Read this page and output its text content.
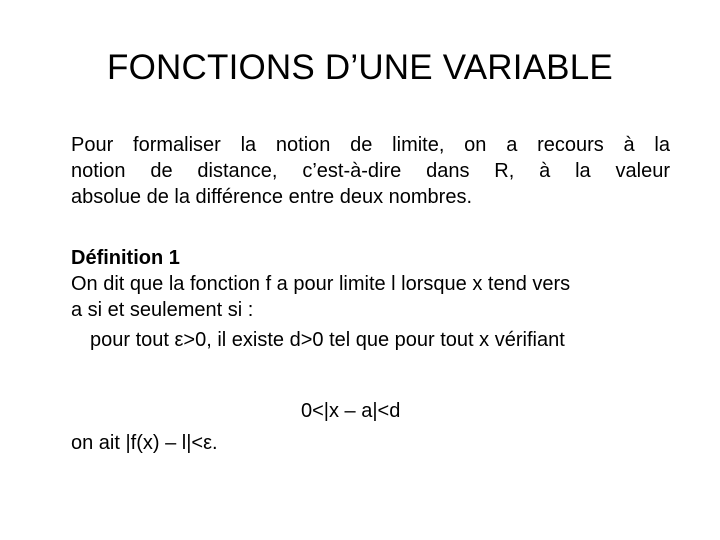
FONCTIONS D’UNE VARIABLE
Pour formaliser la notion de limite, on a recours à la
notion de distance, c’est-à-dire dans R, à la valeur
absolue de la différence entre deux nombres.
Définition 1
On dit que la fonction f a pour limite l lorsque x tend vers
a si et seulement si :
pour tout ε>0, il existe d>0 tel que pour tout x vérifiant
0<|x – a|<d
on ait |f(x) – l|<ε.
